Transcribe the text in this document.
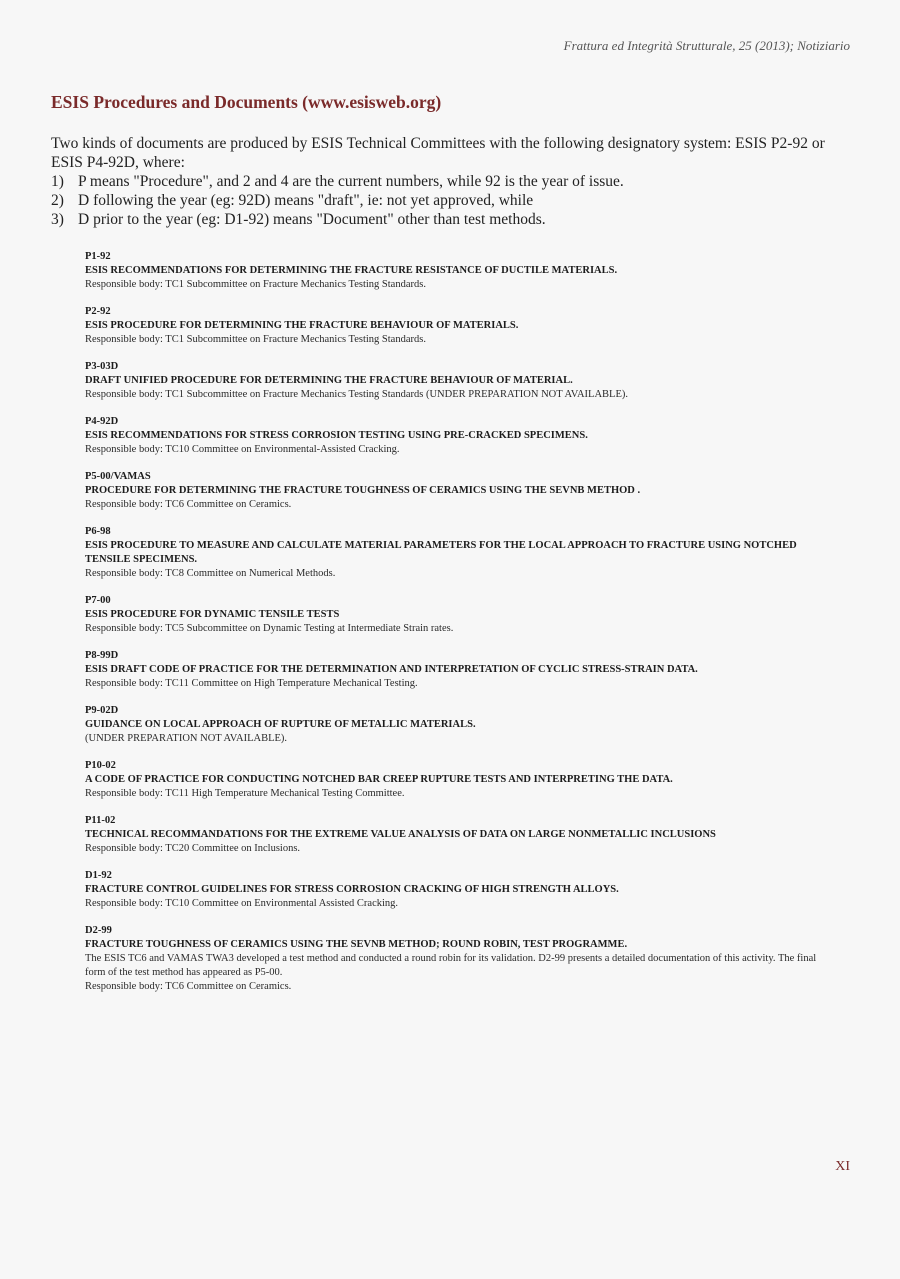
Frattura ed Integrità Strutturale, 25 (2013); Notiziario
ESIS Procedures and Documents (www.esisweb.org)

Two kinds of documents are produced by ESIS Technical Committees with the following designatory system: ESIS P2-92 or ESIS P4-92D, where:

1) P means "Procedure", and 2 and 4 are the current numbers, while 92 is the year of issue.
2) D following the year (eg: 92D) means "draft", ie: not yet approved, while
3) D prior to the year (eg: D1-92) means "Document" other than test methods.
P1-92
ESIS RECOMMENDATIONS FOR DETERMINING THE FRACTURE RESISTANCE OF DUCTILE MATERIALS.
Responsible body: TC1 Subcommittee on Fracture Mechanics Testing Standards.
P2-92
ESIS PROCEDURE FOR DETERMINING THE FRACTURE BEHAVIOUR OF MATERIALS.
Responsible body: TC1 Subcommittee on Fracture Mechanics Testing Standards.
P3-03D
DRAFT UNIFIED PROCEDURE FOR DETERMINING THE FRACTURE BEHAVIOUR OF MATERIAL.
Responsible body: TC1 Subcommittee on Fracture Mechanics Testing Standards (UNDER PREPARATION NOT AVAILABLE).
P4-92D
ESIS RECOMMENDATIONS FOR STRESS CORROSION TESTING USING PRE-CRACKED SPECIMENS.
Responsible body: TC10 Committee on Environmental-Assisted Cracking.
P5-00/VAMAS
PROCEDURE FOR DETERMINING THE FRACTURE TOUGHNESS OF CERAMICS USING THE SEVNB METHOD .
Responsible body: TC6 Committee on Ceramics.
P6-98
ESIS PROCEDURE TO MEASURE AND CALCULATE MATERIAL PARAMETERS FOR THE LOCAL APPROACH TO FRACTURE USING NOTCHED TENSILE SPECIMENS.
Responsible body: TC8 Committee on Numerical Methods.
P7-00
ESIS PROCEDURE FOR DYNAMIC TENSILE TESTS
Responsible body: TC5 Subcommittee on Dynamic Testing at Intermediate Strain rates.
P8-99D
ESIS DRAFT CODE OF PRACTICE FOR THE DETERMINATION AND INTERPRETATION OF CYCLIC STRESS-STRAIN DATA.
Responsible body: TC11 Committee on High Temperature Mechanical Testing.
P9-02D
GUIDANCE ON LOCAL APPROACH OF RUPTURE OF METALLIC MATERIALS.
(UNDER PREPARATION NOT AVAILABLE).
P10-02
A CODE OF PRACTICE FOR CONDUCTING NOTCHED BAR CREEP RUPTURE TESTS AND INTERPRETING THE DATA.
Responsible body: TC11 High Temperature Mechanical Testing Committee.
P11-02
TECHNICAL RECOMMANDATIONS FOR THE EXTREME VALUE ANALYSIS OF DATA ON LARGE NONMETALLIC INCLUSIONS
Responsible body: TC20 Committee on Inclusions.
D1-92
FRACTURE CONTROL GUIDELINES FOR STRESS CORROSION CRACKING OF HIGH STRENGTH ALLOYS.
Responsible body: TC10 Committee on Environmental Assisted Cracking.
D2-99
FRACTURE TOUGHNESS OF CERAMICS USING THE SEVNB METHOD; ROUND ROBIN, TEST PROGRAMME.
The ESIS TC6 and VAMAS TWA3 developed a test method and conducted a round robin for its validation. D2-99 presents a detailed documentation of this activity. The final form of the test method has appeared as P5-00.
Responsible body: TC6 Committee on Ceramics.
XI
